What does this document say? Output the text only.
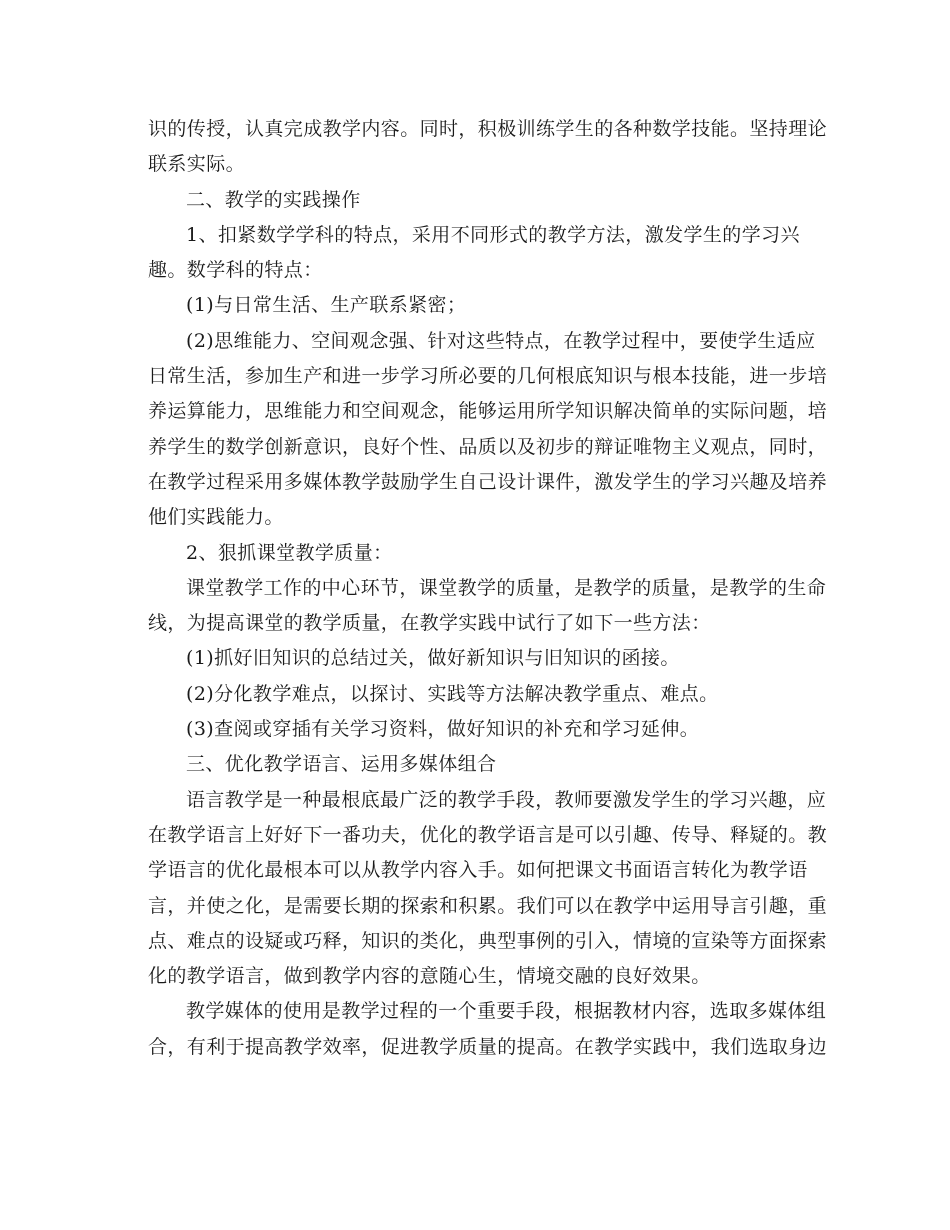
识的传授，认真完成教学内容。同时，积极训练学生的各种数学技能。坚持理论
联系实际。

二、教学的实践操作

1、扣紧数学学科的特点，采用不同形式的教学方法，激发学生的学习兴

趣。数学科的特点：

(1)与日常生活、生产联系紧密；

(2)思维能力、空间观念强、针对这些特点，在教学过程中，要使学生适应

日常生活，参加生产和进一步学习所必要的几何根底知识与根本技能，进一步培
养运算能力，思维能力和空间观念，能够运用所学知识解决简单的实际问题，培
养学生的数学创新意识，良好个性、品质以及初步的辩证唯物主义观点，同时，
在教学过程采用多媒体教学鼓励学生自己设计课件，激发学生的学习兴趣及培养
他们实践能力。

2、狠抓课堂教学质量：

课堂教学工作的中心环节，课堂教学的质量，是教学的质量，是教学的生命

线，为提高课堂的教学质量，在教学实践中试行了如下一些方法：

(1)抓好旧知识的总结过关，做好新知识与旧知识的函接。

(2)分化教学难点，以探讨、实践等方法解决教学重点、难点。

(3)查阅或穿插有关学习资料，做好知识的补充和学习延伸。

三、优化教学语言、运用多媒体组合

语言教学是一种最根底最广泛的教学手段，教师要激发学生的学习兴趣，应

在教学语言上好好下一番功夫，优化的教学语言是可以引趣、传导、释疑的。教
学语言的优化最根本可以从教学内容入手。如何把课文书面语言转化为教学语
言，并使之化，是需要长期的探索和积累。我们可以在教学中运用导言引趣，重
点、难点的设疑或巧释，知识的类化，典型事例的引入，情境的宣染等方面探索
化的教学语言，做到教学内容的意随心生，情境交融的良好效果。

教学媒体的使用是教学过程的一个重要手段，根据教材内容，选取多媒体组

合，有利于提高教学效率，促进教学质量的提高。在教学实践中，我们选取身边
